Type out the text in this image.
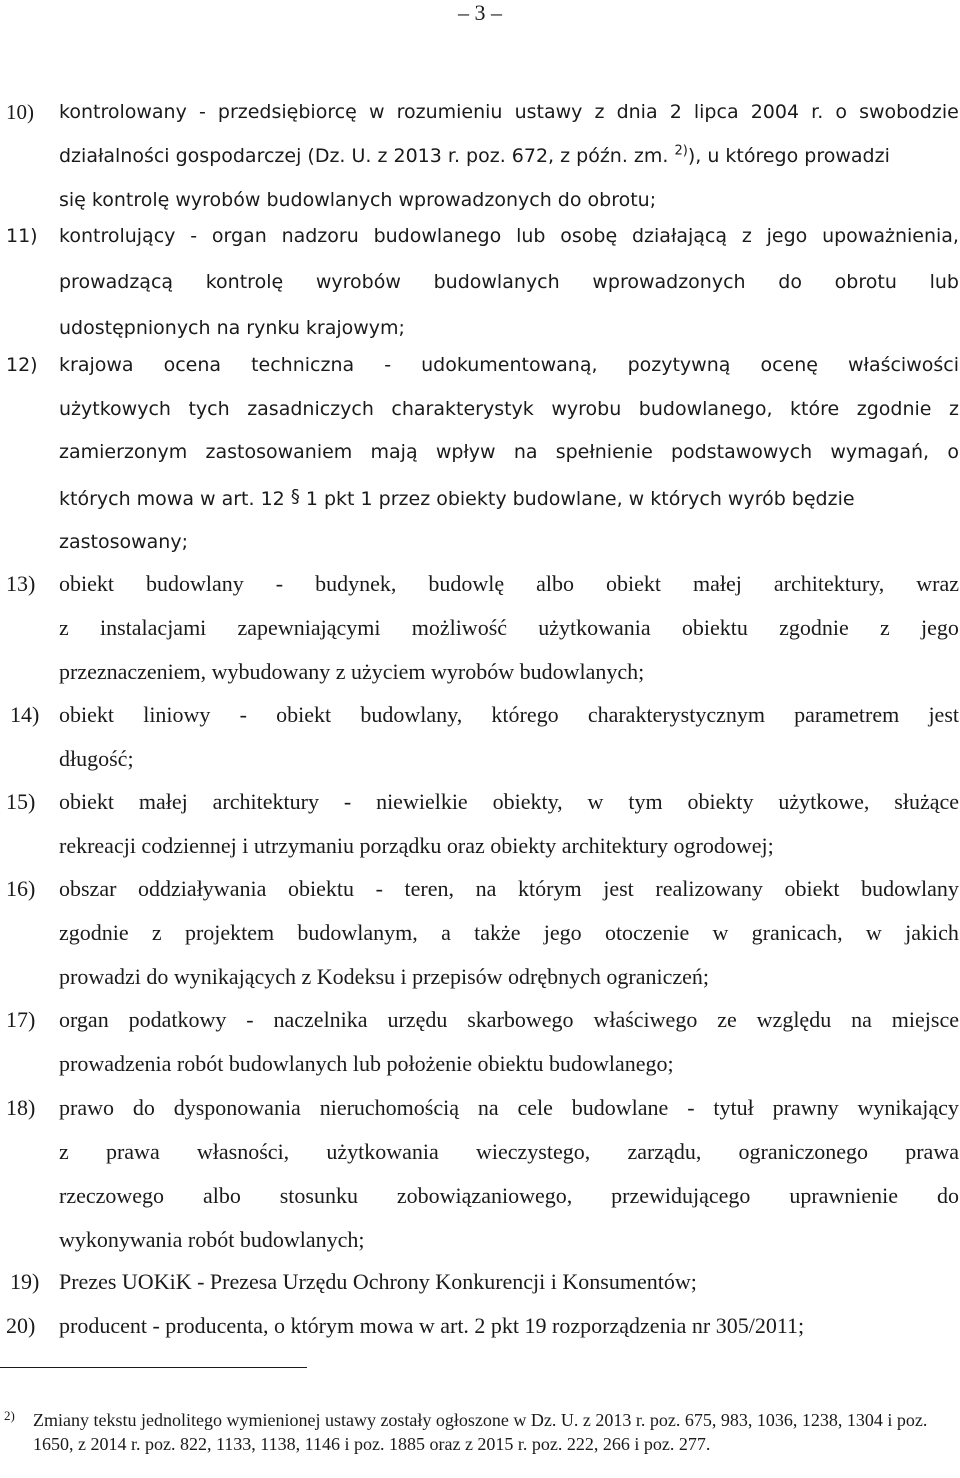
– 3 –
10) kontrolowany - przedsiębiorcę w rozumieniu ustawy z dnia 2 lipca 2004 r. o swobodzie
działalności gospodarczej (Dz. U. z 2013 r. poz. 672, z późn. zm. $^{2)}$), u którego prowadzi
się kontrolę wyrobów budowlanych wprowadzonych do obrotu;
11) kontrolujący - organ nadzoru budowlanego lub osobę działającą z jego upoważnienia,
prowadzącą kontrolę wyrobów budowlanych wprowadzonych do obrotu lub
udostępnionych na rynku krajowym;
12) krajowa ocena techniczna - udokumentowaną, pozytywną ocenę właściwości
użytkowych tych zasadniczych charakterystyk wyrobu budowlanego, które zgodnie z
zamierzonym zastosowaniem mają wpływ na spełnienie podstawowych wymagań, o
których mowa w art. 12 § 1 pkt 1 przez obiekty budowlane, w których wyrób będzie
zastosowany;
13) obiekt budowlany - budynek, budowlę albo obiekt małej architektury, wraz
z instalacjami zapewniającymi możliwość użytkowania obiektu zgodnie z jego
przeznaczeniem, wybudowany z użyciem wyrobów budowlanych;
14) obiekt liniowy - obiekt budowlany, którego charakterystycznym parametrem jest
długość;
15) obiekt małej architektury - niewielkie obiekty, w tym obiekty użytkowe, służące
rekreacji codziennej i utrzymaniu porządku oraz obiekty architektury ogrodowej;
16) obszar oddziaływania obiektu - teren, na którym jest realizowany obiekt budowlany
zgodnie z projektem budowlanym, a także jego otoczenie w granicach, w jakich
prowadzi do wynikających z Kodeksu i przepisów odrębnych ograniczeń;
17) organ podatkowy - naczelnika urzędu skarbowego właściwego ze względu na miejsce
prowadzenia robót budowlanych lub położenie obiektu budowlanego;
18) prawo do dysponowania nieruchomością na cele budowlane - tytuł prawny wynikający
z prawa własności, użytkowania wieczystego, zarządu, ograniczonego prawa
rzeczowego albo stosunku zobowiązaniowego, przewidującego uprawnienie do
wykonywania robót budowlanych;
19) Prezes UOKiK - Prezesa Urzędu Ochrony Konkurencji i Konsumentów;
20) producent - producenta, o którym mowa w art. 2 pkt 19 rozporządzenia nr 305/2011;
2) Zmiany tekstu jednolitego wymienionej ustawy zostały ogłoszone w Dz. U. z 2013 r. poz. 675, 983, 1036, 1238, 1304 i poz. 1650, z 2014 r. poz. 822, 1133, 1138, 1146 i poz. 1885 oraz z 2015 r. poz. 222, 266 i poz. 277.
